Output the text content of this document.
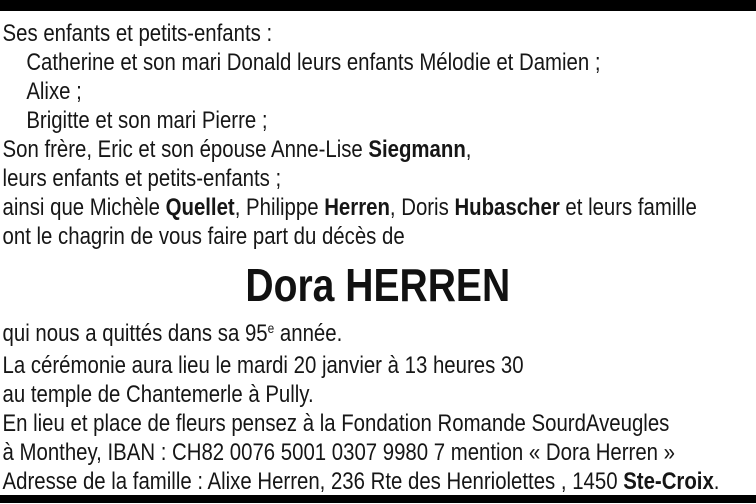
Ses enfants et petits-enfants :
Catherine et son mari Donald leurs enfants Mélodie et Damien ;
Alixe ;
Brigitte et son mari Pierre ;
Son frère, Eric et son épouse Anne-Lise Siegmann,
leurs enfants et petits-enfants ;
ainsi que Michèle Quellet, Philippe Herren, Doris Hubascher et leurs famille
ont le chagrin de vous faire part du décès de
Dora HERREN
qui nous a quittés dans sa 95e année.
La cérémonie aura lieu le mardi 20 janvier à 13 heures 30
au temple de Chantemerle à Pully.
En lieu et place de fleurs pensez à la Fondation Romande SourdAveugles
à Monthey, IBAN : CH82 0076 5001 0307 9980 7 mention « Dora Herren »
Adresse de la famille : Alixe Herren, 236 Rte des Henriolettes , 1450 Ste-Croix.
